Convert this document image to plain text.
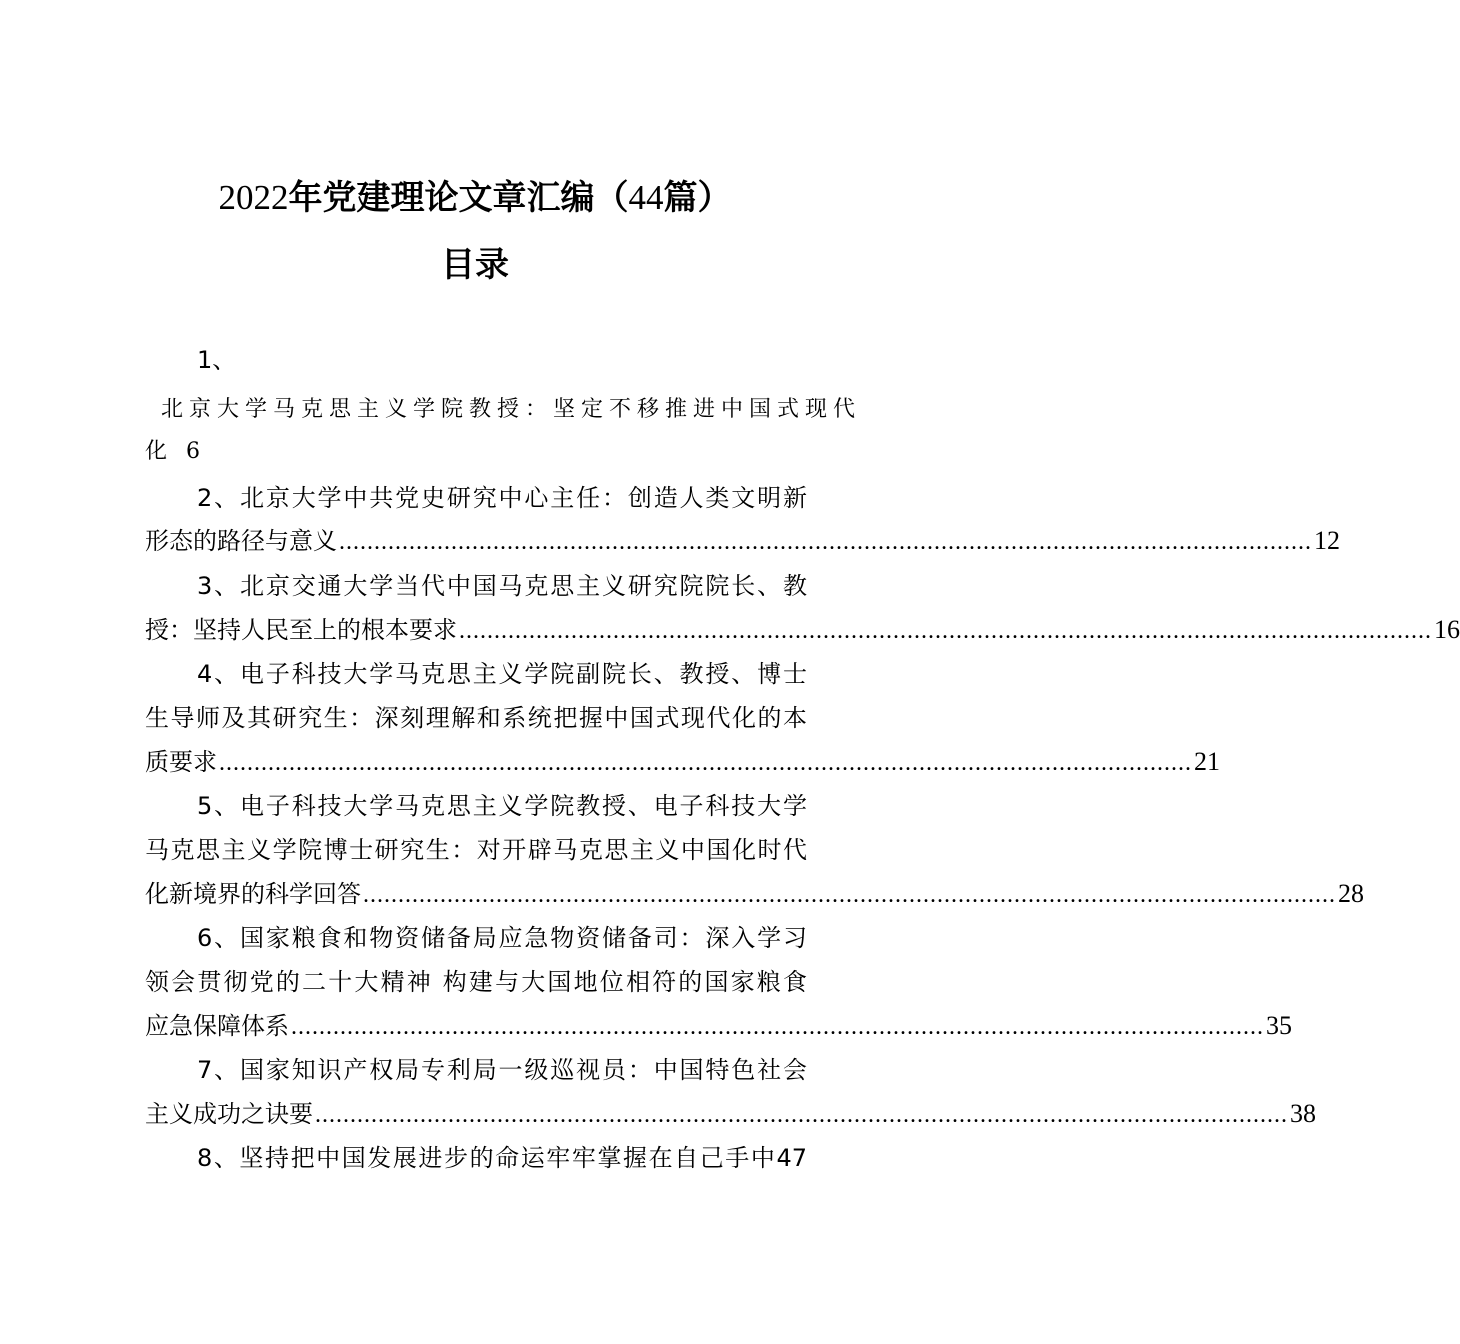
2022年党建理论文章汇编（44篇）
目录
1、
北京大学马克思主义学院教授：坚定不移推进中国式现代
化 6
2、北京大学中共党史研究中心主任：创造人类文明新
形态的路径与意义 ........................................................................................................................................... 12
3、北京交通大学当代中国马克思主义研究院院长、教
授：坚持人民至上的根本要求 ........................................................................................................................................... 16
4、电子科技大学马克思主义学院副院长、教授、博士
生导师及其研究生：深刻理解和系统把握中国式现代化的本
质要求 ........................................................................................................................................... 21
5、电子科技大学马克思主义学院教授、电子科技大学
马克思主义学院博士研究生：对开辟马克思主义中国化时代
化新境界的科学回答 ........................................................................................................................................... 28
6、国家粮食和物资储备局应急物资储备司：深入学习
领会贯彻党的二十大精神 构建与大国地位相符的国家粮食
应急保障体系 ........................................................................................................................................... 35
7、国家知识产权局专利局一级巡视员：中国特色社会
主义成功之诀要 ........................................................................................................................................... 38
8、坚持把中国发展进步的命运牢牢掌握在自己手中47
